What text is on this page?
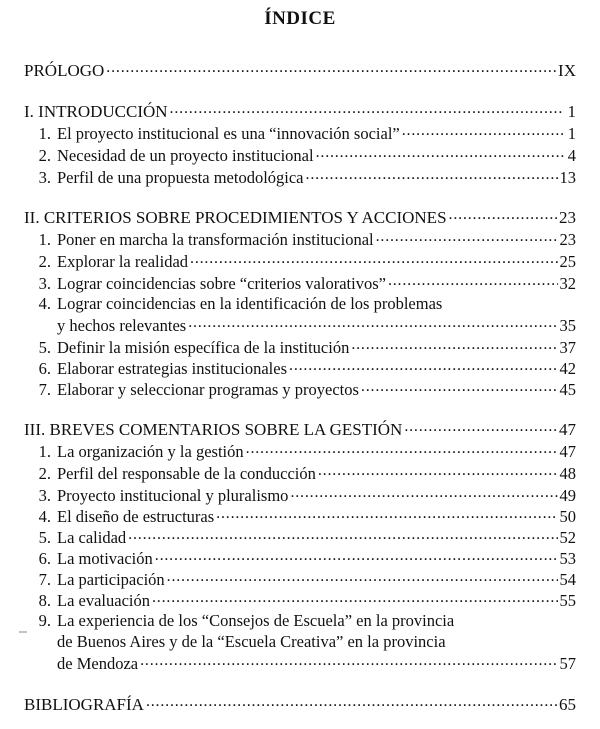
ÍNDICE
PRÓLOGO . . .	IX
I. INTRODUCCIÓN . . .	1
1. El proyecto institucional es una “innovación social” . . .	1
2. Necesidad de un proyecto institucional . . .	4
3. Perfil de una propuesta metodológica . . .	13
II. CRITERIOS SOBRE PROCEDIMIENTOS Y ACCIONES . . .	23
1. Poner en marcha la transformación institucional . . .	23
2. Explorar la realidad . . .	25
3. Lograr coincidencias sobre “criterios valorativos” . . .	32
4. Lograr coincidencias en la identificación de los problemas
y hechos relevantes . . .	35
5. Definir la misión específica de la institución . . .	37
6. Elaborar estrategias institucionales . . .	42
7. Elaborar y seleccionar programas y proyectos . . .	45
III. BREVES COMENTARIOS SOBRE LA GESTIÓN . . .	47
1. La organización y la gestión . . .	47
2. Perfil del responsable de la conducción . . .	48
3. Proyecto institucional y pluralismo . . .	49
4. El diseño de estructuras . . .	50
5. La calidad . . .	52
6. La motivación . . .	53
7. La participación . . .	54
8. La evaluación . . .	55
9. La experiencia de los “Consejos de Escuela” en la provincia
de Buenos Aires y de la “Escuela Creativa” en la provincia
de Mendoza . . .	57
BIBLIOGRAFÍA . . .	65
